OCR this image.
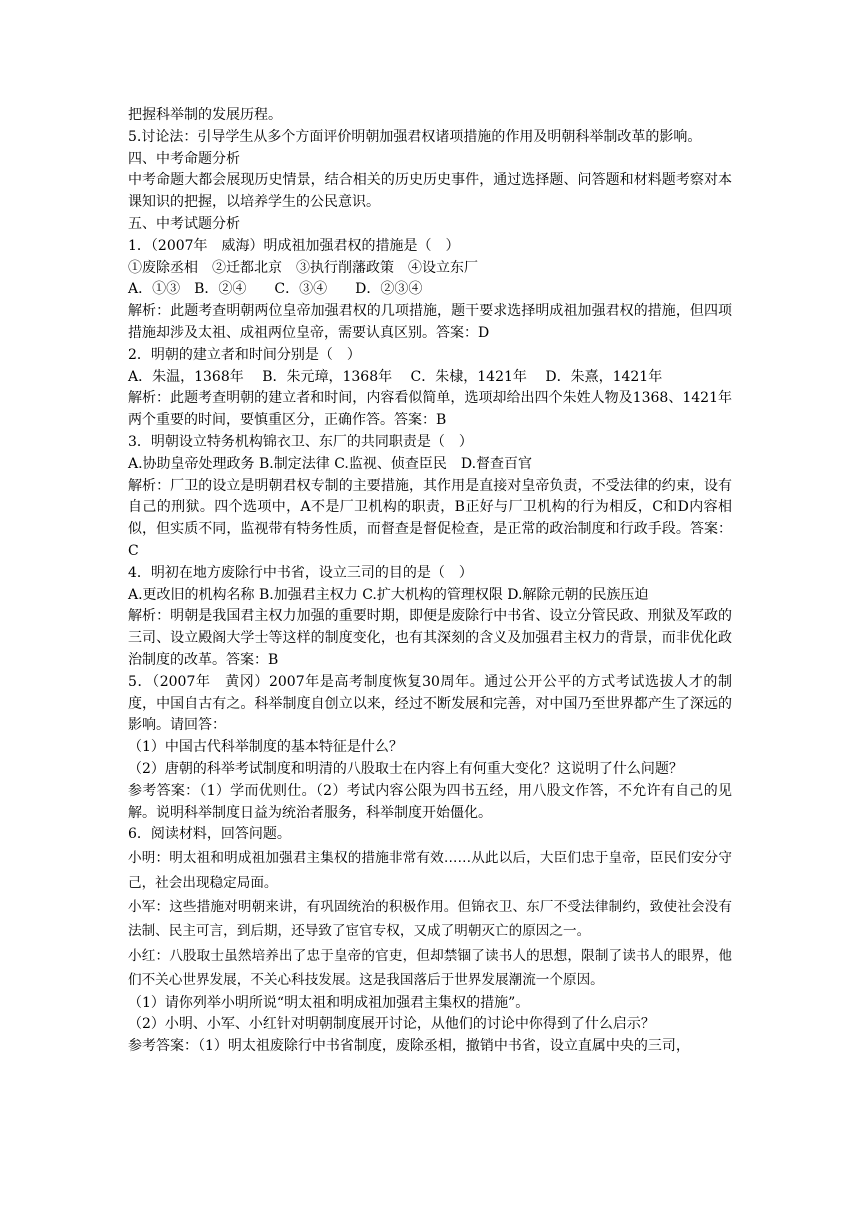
把握科举制的发展历程。

5.讨论法：引导学生从多个方面评价明朝加强君权诸项措施的作用及明朝科举制改革的影响。

四、中考命题分析

中考命题大都会展现历史情景，结合相关的历史历史事件，通过选择题、问答题和材料题考察对本课知识的把握，以培养学生的公民意识。

五、中考试题分析

1．（2007年　威海）明成祖加强君权的措施是（　）

①废除丞相　②迁都北京　③执行削藩政策　④设立东厂

A．①③　B．②④　　C．③④　　D．②③④

解析：此题考查明朝两位皇帝加强君权的几项措施，题干要求选择明成祖加强君权的措施，但四项措施却涉及太祖、成祖两位皇帝，需要认真区别。答案：D

2．明朝的建立者和时间分别是（　）

A．朱温，1368年　 B．朱元璋，1368年　 C．朱棣，1421年　 D．朱熹，1421年

解析：此题考查明朝的建立者和时间，内容看似简单，选项却给出四个朱姓人物及1368、1421年两个重要的时间，要慎重区分，正确作答。答案：B

3．明朝设立特务机构锦衣卫、东厂的共同职责是（　）

A.协助皇帝处理政务 B.制定法律 C.监视、侦查臣民　D.督查百官

解析：厂卫的设立是明朝君权专制的主要措施，其作用是直接对皇帝负责，不受法律的约束，设有自己的刑狱。四个选项中，A不是厂卫机构的职责，B正好与厂卫机构的行为相反，C和D内容相似，但实质不同，监视带有特务性质，而督查是督促检查，是正常的政治制度和行政手段。答案：C

4．明初在地方废除行中书省，设立三司的目的是（　）

A.更改旧的机构名称 B.加强君主权力 C.扩大机构的管理权限 D.解除元朝的民族压迫

解析：明朝是我国君主权力加强的重要时期，即便是废除行中书省、设立分管民政、刑狱及军政的三司、设立殿阁大学士等这样的制度变化，也有其深刻的含义及加强君主权力的背景，而非优化政治制度的改革。答案：B

5．（2007年　黄冈）2007年是高考制度恢复30周年。通过公开公平的方式考试选拔人才的制度，中国自古有之。科举制度自创立以来，经过不断发展和完善，对中国乃至世界都产生了深远的影响。请回答：

（1）中国古代科举制度的基本特征是什么？

（2）唐朝的科举考试制度和明清的八股取士在内容上有何重大变化？这说明了什么问题？

参考答案：（1）学而优则仕。（2）考试内容公限为四书五经，用八股文作答，不允许有自己的见解。说明科举制度日益为统治者服务，科举制度开始僵化。

6．阅读材料，回答问题。

小明：明太祖和明成祖加强君主集权的措施非常有效……从此以后，大臣们忠于皇帝，臣民们安分守己，社会出现稳定局面。

小军：这些措施对明朝来讲，有巩固统治的积极作用。但锦衣卫、东厂不受法律制约，致使社会没有法制、民主可言，到后期，还导致了宦官专权，又成了明朝灭亡的原因之一。

小红：八股取士虽然培养出了忠于皇帝的官吏，但却禁锢了读书人的思想，限制了读书人的眼界，他们不关心世界发展，不关心科技发展。这是我国落后于世界发展潮流一个原因。

（1）请你列举小明所说“明太祖和明成祖加强君主集权的措施”。

（2）小明、小军、小红针对明朝制度展开讨论，从他们的讨论中你得到了什么启示？

参考答案：（1）明太祖废除行中书省制度，废除丞相，撤销中书省，设立直属中央的三司，
